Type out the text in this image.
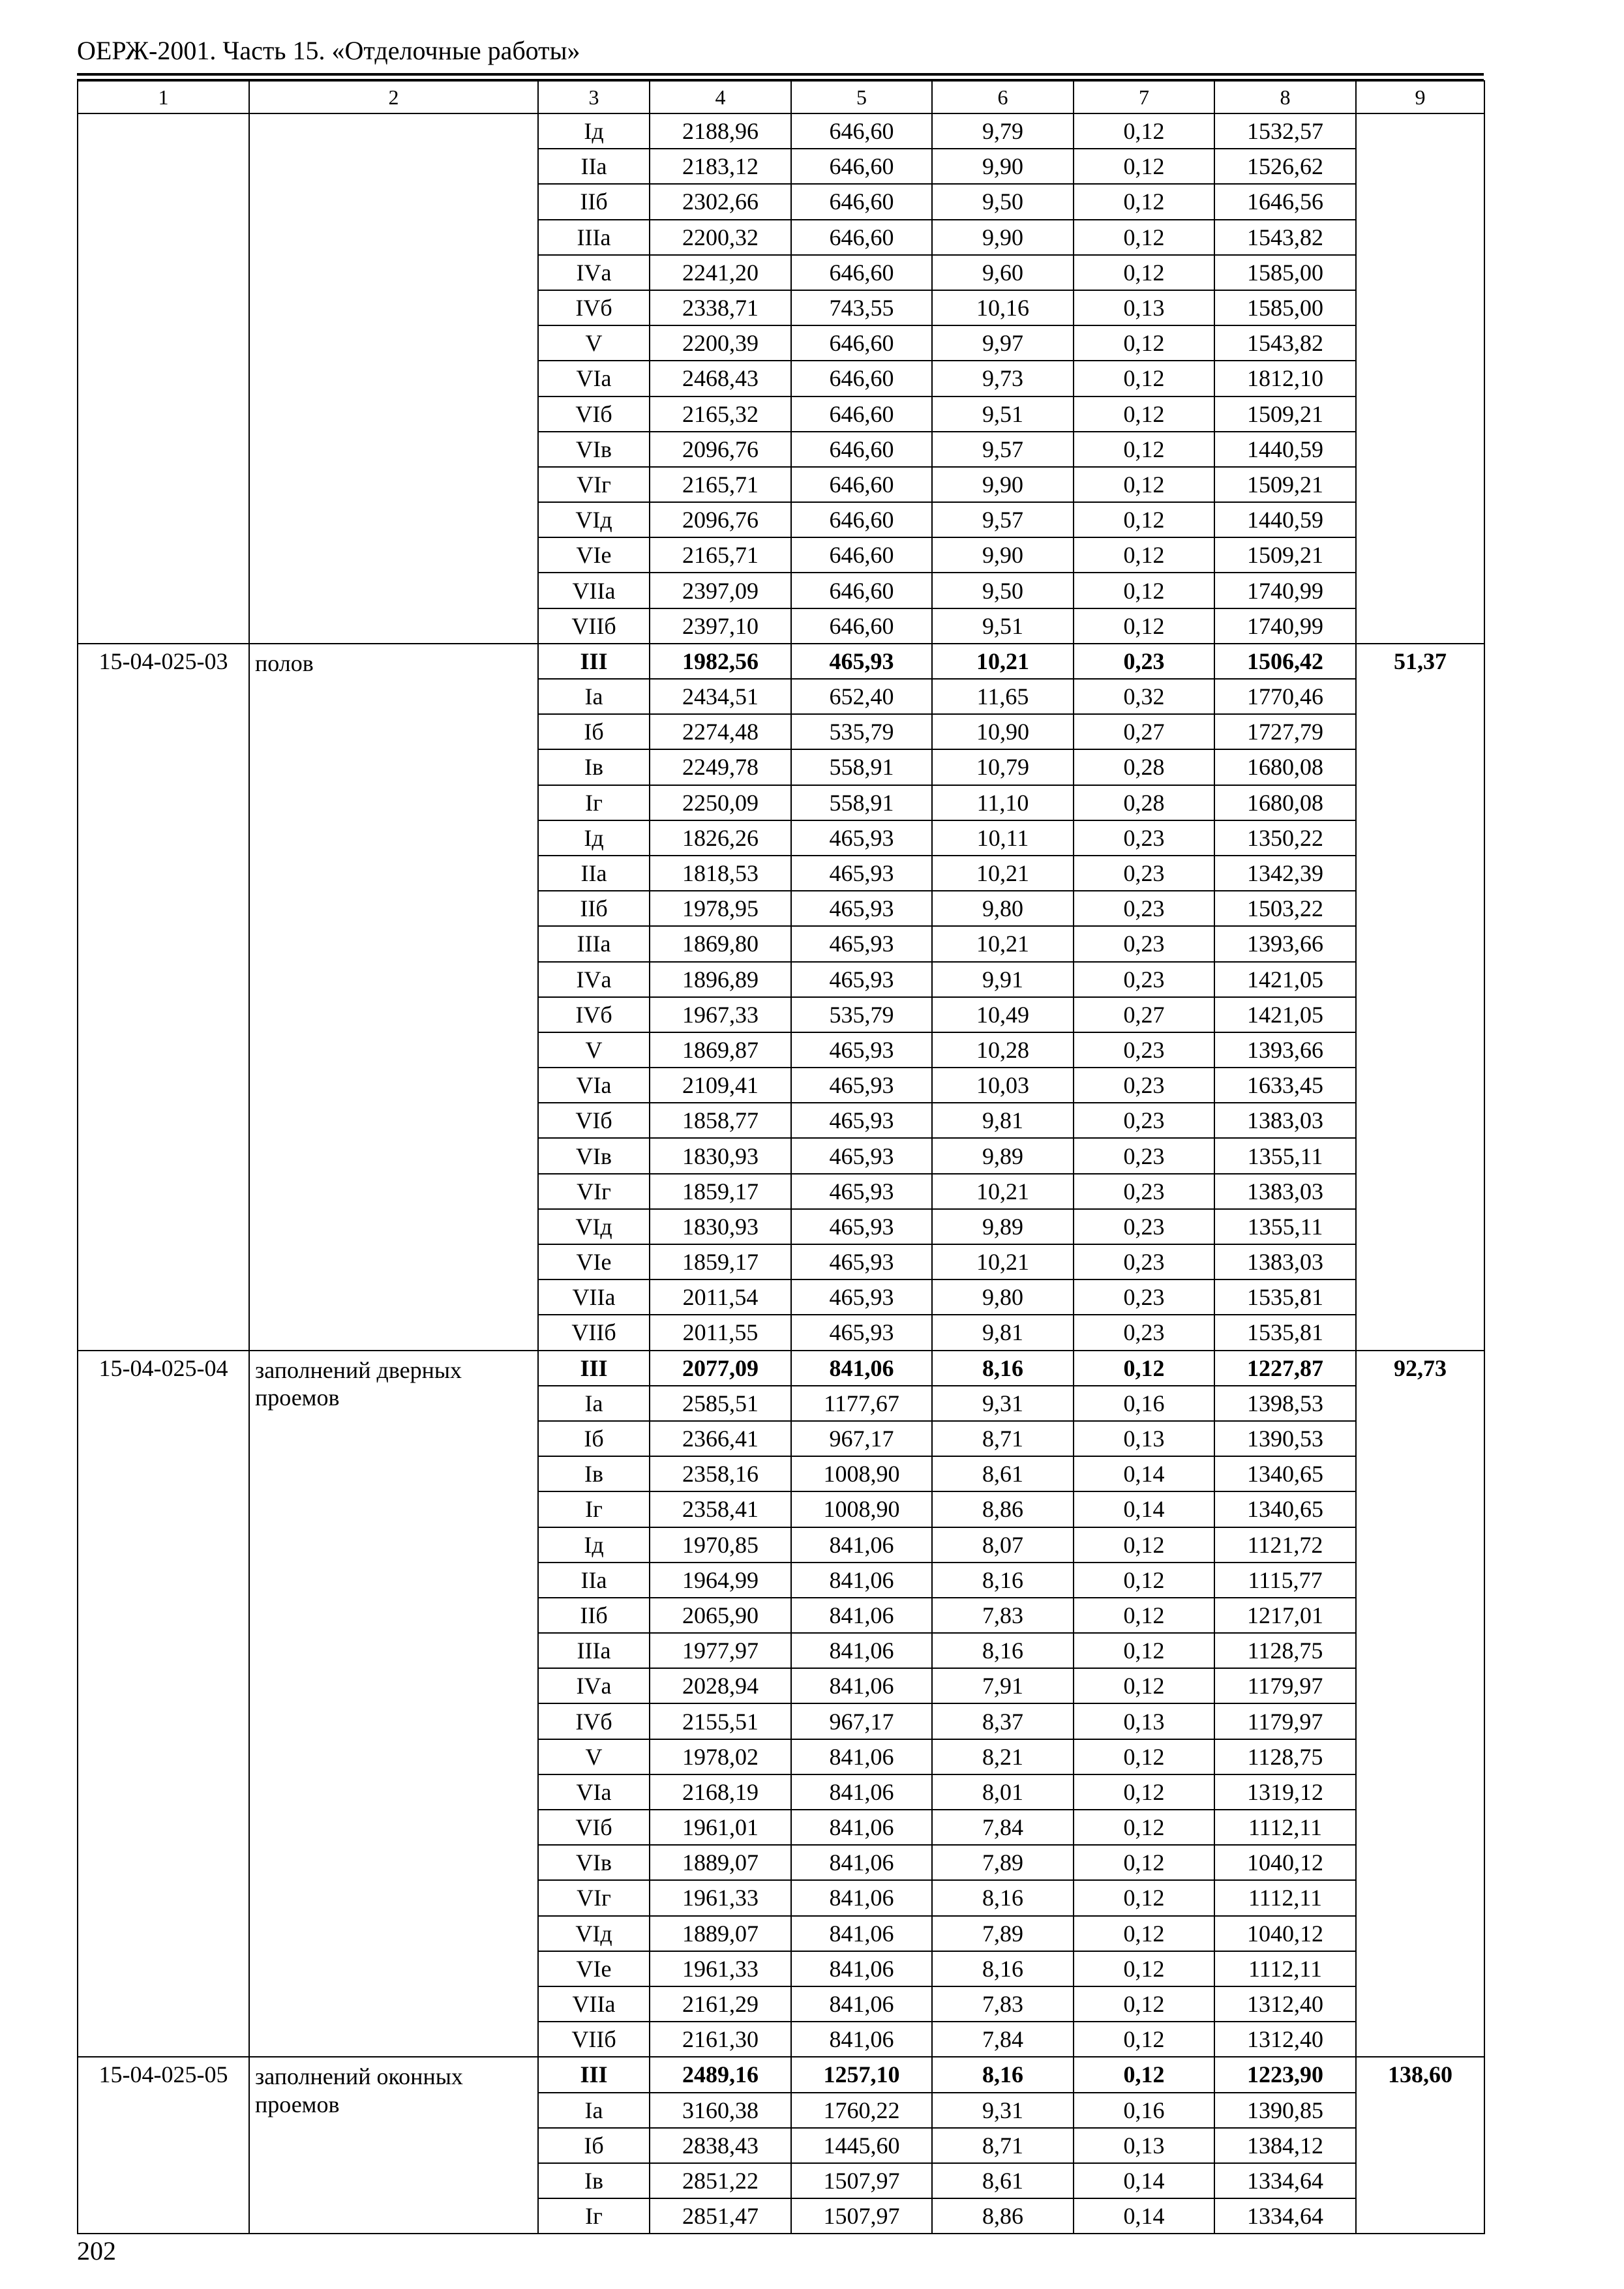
ОЕРЖ-2001. Часть 15. «Отделочные работы»
1	2	3	4	5	6	7	8	9
		Iд	2188,96	646,60	9,79	0,12	1532,57	
		IIа	2183,12	646,60	9,90	0,12	1526,62	
		IIб	2302,66	646,60	9,50	0,12	1646,56	
		IIIа	2200,32	646,60	9,90	0,12	1543,82	
		IVа	2241,20	646,60	9,60	0,12	1585,00	
		IVб	2338,71	743,55	10,16	0,13	1585,00	
		V	2200,39	646,60	9,97	0,12	1543,82	
		VIа	2468,43	646,60	9,73	0,12	1812,10	
		VIб	2165,32	646,60	9,51	0,12	1509,21	
		VIв	2096,76	646,60	9,57	0,12	1440,59	
		VIг	2165,71	646,60	9,90	0,12	1509,21	
		VIд	2096,76	646,60	9,57	0,12	1440,59	
		VIе	2165,71	646,60	9,90	0,12	1509,21	
		VIIа	2397,09	646,60	9,50	0,12	1740,99	
		VIIб	2397,10	646,60	9,51	0,12	1740,99	
15-04-025-03	полов	III	1982,56	465,93	10,21	0,23	1506,42	51,37
		Iа	2434,51	652,40	11,65	0,32	1770,46	
		Iб	2274,48	535,79	10,90	0,27	1727,79	
		Iв	2249,78	558,91	10,79	0,28	1680,08	
		Iг	2250,09	558,91	11,10	0,28	1680,08	
		Iд	1826,26	465,93	10,11	0,23	1350,22	
		IIа	1818,53	465,93	10,21	0,23	1342,39	
		IIб	1978,95	465,93	9,80	0,23	1503,22	
		IIIа	1869,80	465,93	10,21	0,23	1393,66	
		IVа	1896,89	465,93	9,91	0,23	1421,05	
		IVб	1967,33	535,79	10,49	0,27	1421,05	
		V	1869,87	465,93	10,28	0,23	1393,66	
		VIа	2109,41	465,93	10,03	0,23	1633,45	
		VIб	1858,77	465,93	9,81	0,23	1383,03	
		VIв	1830,93	465,93	9,89	0,23	1355,11	
		VIг	1859,17	465,93	10,21	0,23	1383,03	
		VIд	1830,93	465,93	9,89	0,23	1355,11	
		VIе	1859,17	465,93	10,21	0,23	1383,03	
		VIIа	2011,54	465,93	9,80	0,23	1535,81	
		VIIб	2011,55	465,93	9,81	0,23	1535,81	
15-04-025-04	заполнений дверных проемов	III	2077,09	841,06	8,16	0,12	1227,87	92,73
		Iа	2585,51	1177,67	9,31	0,16	1398,53	
		Iб	2366,41	967,17	8,71	0,13	1390,53	
		Iв	2358,16	1008,90	8,61	0,14	1340,65	
		Iг	2358,41	1008,90	8,86	0,14	1340,65	
		Iд	1970,85	841,06	8,07	0,12	1121,72	
		IIа	1964,99	841,06	8,16	0,12	1115,77	
		IIб	2065,90	841,06	7,83	0,12	1217,01	
		IIIа	1977,97	841,06	8,16	0,12	1128,75	
		IVа	2028,94	841,06	7,91	0,12	1179,97	
		IVб	2155,51	967,17	8,37	0,13	1179,97	
		V	1978,02	841,06	8,21	0,12	1128,75	
		VIа	2168,19	841,06	8,01	0,12	1319,12	
		VIб	1961,01	841,06	7,84	0,12	1112,11	
		VIв	1889,07	841,06	7,89	0,12	1040,12	
		VIг	1961,33	841,06	8,16	0,12	1112,11	
		VIд	1889,07	841,06	7,89	0,12	1040,12	
		VIе	1961,33	841,06	8,16	0,12	1112,11	
		VIIа	2161,29	841,06	7,83	0,12	1312,40	
		VIIб	2161,30	841,06	7,84	0,12	1312,40	
15-04-025-05	заполнений оконных проемов	III	2489,16	1257,10	8,16	0,12	1223,90	138,60
		Iа	3160,38	1760,22	9,31	0,16	1390,85	
		Iб	2838,43	1445,60	8,71	0,13	1384,12	
		Iв	2851,22	1507,97	8,61	0,14	1334,64	
		Iг	2851,47	1507,97	8,86	0,14	1334,64	
202
